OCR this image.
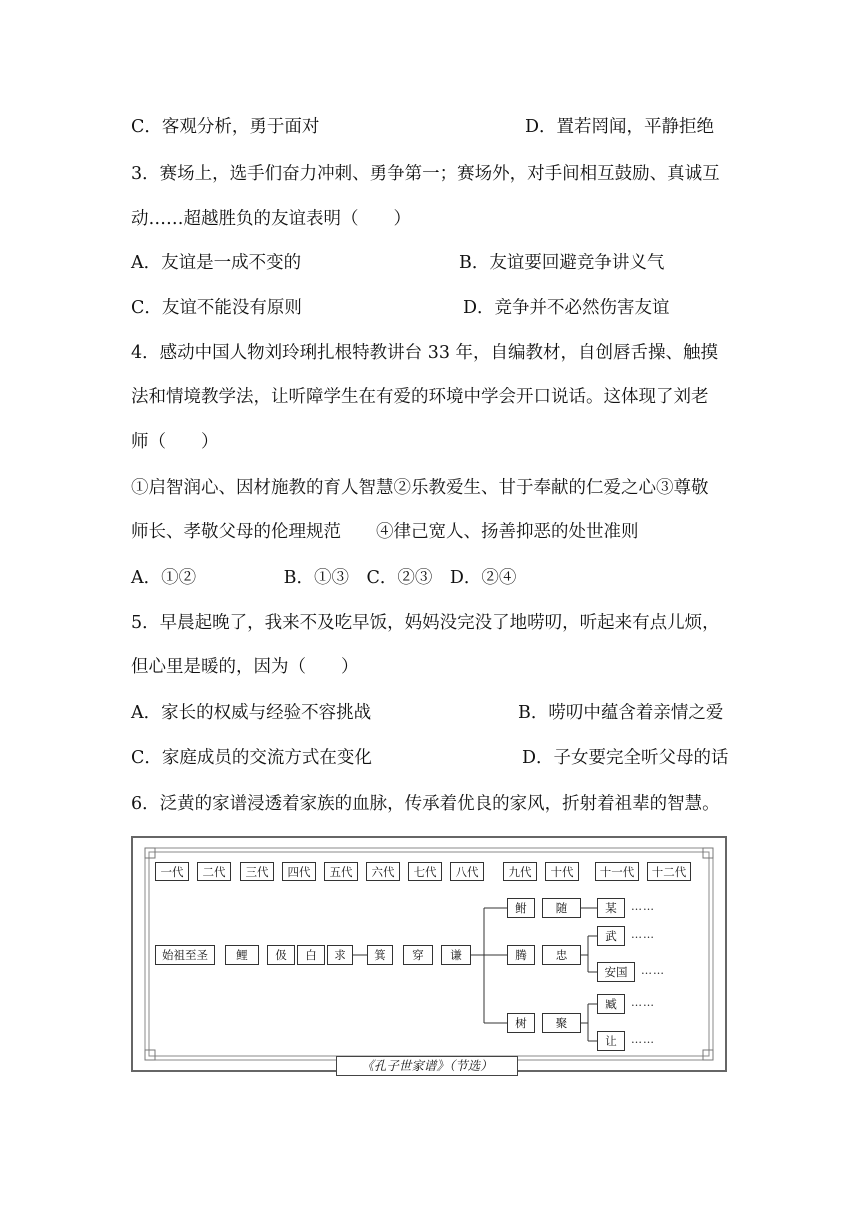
C．客观分析，勇于面对	D．置若罔闻，平静拒绝
3．赛场上，选手们奋力冲刺、勇争第一；赛场外，对手间相互鼓励、真诚互
动……超越胜负的友谊表明（　　）
A．友谊是一成不变的	B．友谊要回避竞争讲义气
C．友谊不能没有原则	D．竞争并不必然伤害友谊
4．感动中国人物刘玲琍扎根特教讲台 33 年，自编教材，自创唇舌操、触摸
法和情境教学法，让听障学生在有爱的环境中学会开口说话。这体现了刘老
师（　　）
①启智润心、因材施教的育人智慧②乐教爱生、甘于奉献的仁爱之心③尊敬
师长、孝敬父母的伦理规范　　④律己宽人、扬善抑恶的处世准则
A．①②　　　　　B．①③　C．②③　D．②④
5．早晨起晚了，我来不及吃早饭，妈妈没完没了地唠叨，听起来有点儿烦，
但心里是暖的，因为（　　）
A．家长的权威与经验不容挑战	B．唠叨中蕴含着亲情之爱
C．家庭成员的交流方式在变化	D．子女要完全听父母的话
6．泛黄的家谱浸透着家族的血脉，传承着优良的家风，折射着祖辈的智慧。
一代	二代	三代	四代	五代	六代	七代	八代	九代	十代	十一代	十二代
始祖至圣	鲤	伋	白	求	箕	穿	谦
鲋
腾
树
随
忠
聚
某
武
安国
臧
让
……
……
……
……
……
《孔子世家谱》（节选）
